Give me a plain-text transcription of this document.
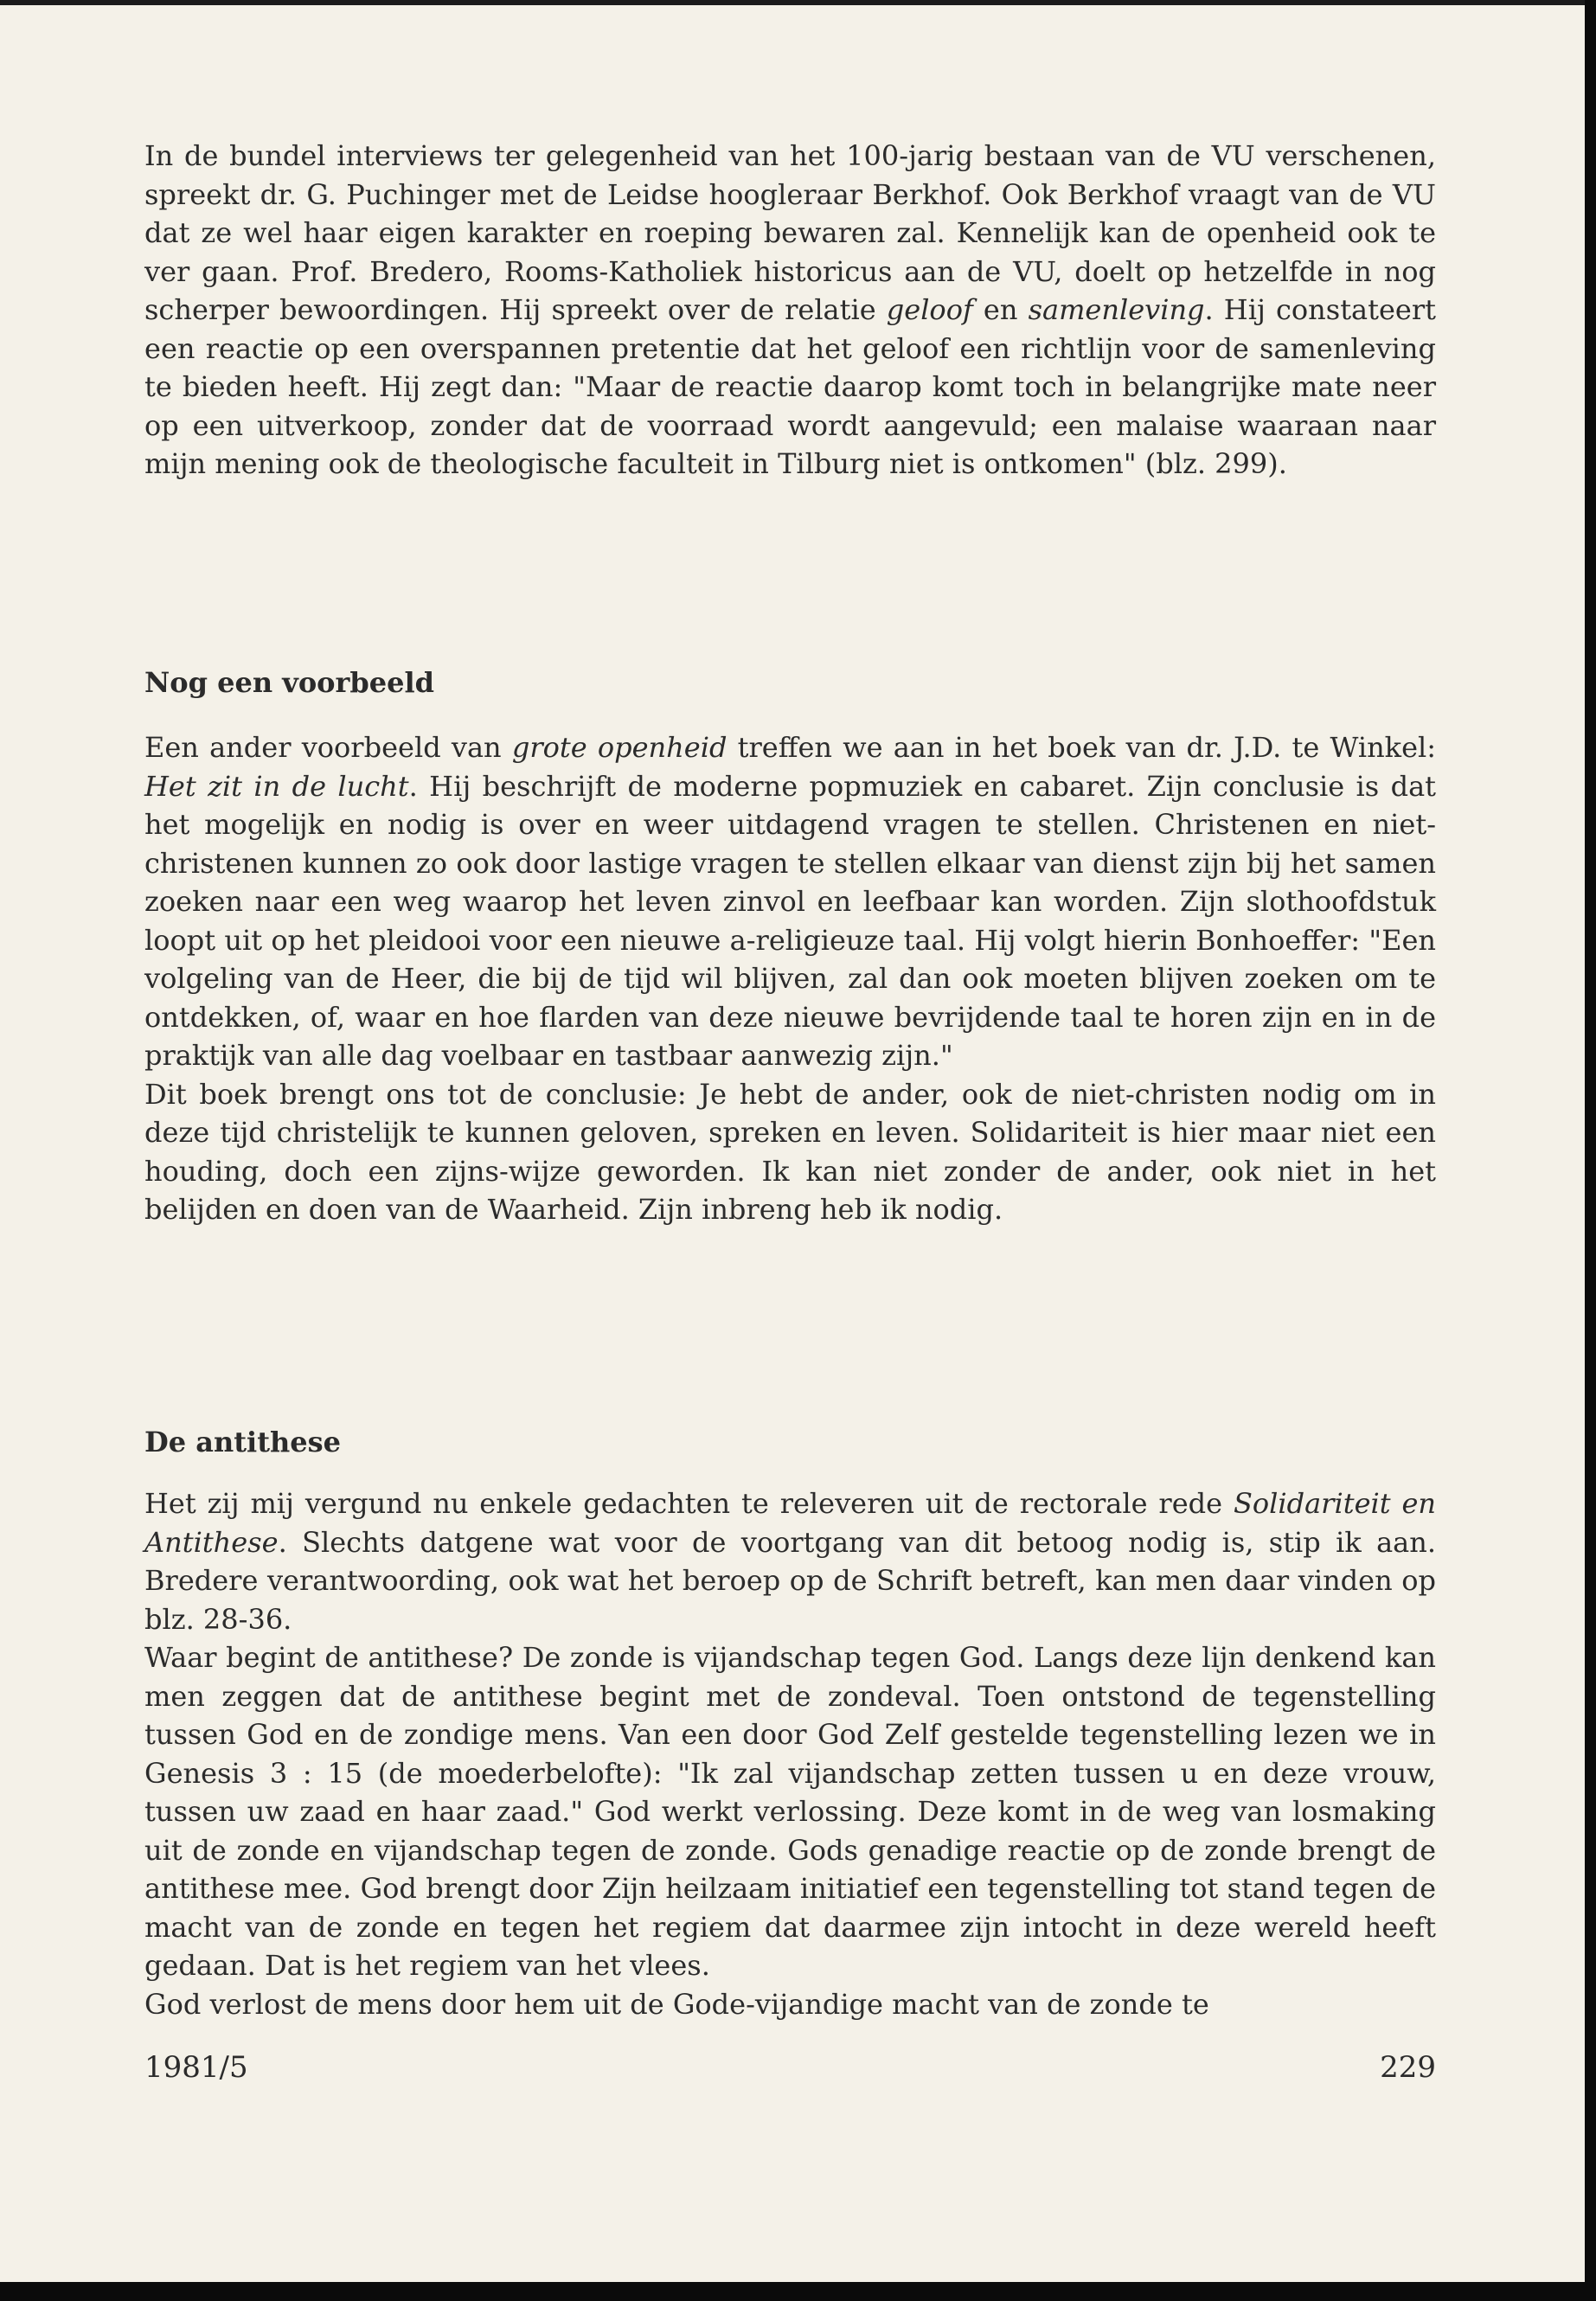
In de bundel interviews ter gelegenheid van het 100-jarig bestaan van de VU verschenen, spreekt dr. G. Puchinger met de Leidse hoogleraar Berkhof. Ook Berkhof vraagt van de VU dat ze wel haar eigen karakter en roeping bewaren zal. Kennelijk kan de openheid ook te ver gaan. Prof. Bredero, Rooms-Katholiek historicus aan de VU, doelt op hetzelfde in nog scherper bewoordingen. Hij spreekt over de relatie geloof en samenleving. Hij constateert een reactie op een overspannen pretentie dat het geloof een richtlijn voor de samenleving te bieden heeft. Hij zegt dan: "Maar de reactie daarop komt toch in belangrijke mate neer op een uitverkoop, zonder dat de voorraad wordt aangevuld; een malaise waaraan naar mijn mening ook de theologische faculteit in Tilburg niet is ontkomen" (blz. 299).

Nog een voorbeeld

Een ander voorbeeld van grote openheid treffen we aan in het boek van dr. J.D. te Winkel: Het zit in de lucht. Hij beschrijft de moderne popmuziek en cabaret. Zijn conclusie is dat het mogelijk en nodig is over en weer uitdagend vragen te stellen. Christenen en niet-christenen kunnen zo ook door lastige vragen te stellen elkaar van dienst zijn bij het samen zoeken naar een weg waarop het leven zinvol en leefbaar kan worden. Zijn slothoofdstuk loopt uit op het pleidooi voor een nieuwe a-religieuze taal. Hij volgt hierin Bonhoeffer: "Een volgeling van de Heer, die bij de tijd wil blijven, zal dan ook moeten blijven zoeken om te ontdekken, of, waar en hoe flarden van deze nieuwe bevrijdende taal te horen zijn en in de praktijk van alle dag voelbaar en tastbaar aanwezig zijn."

Dit boek brengt ons tot de conclusie: Je hebt de ander, ook de niet-christen nodig om in deze tijd christelijk te kunnen geloven, spreken en leven. Solidariteit is hier maar niet een houding, doch een zijns-wijze geworden. Ik kan niet zonder de ander, ook niet in het belijden en doen van de Waarheid. Zijn inbreng heb ik nodig.

De antithese

Het zij mij vergund nu enkele gedachten te releveren uit de rectorale rede Solidariteit en Antithese. Slechts datgene wat voor de voortgang van dit betoog nodig is, stip ik aan. Bredere verantwoording, ook wat het beroep op de Schrift betreft, kan men daar vinden op blz. 28-36.

Waar begint de antithese? De zonde is vijandschap tegen God. Langs deze lijn denkend kan men zeggen dat de antithese begint met de zondeval. Toen ontstond de tegenstelling tussen God en de zondige mens. Van een door God Zelf gestelde tegenstelling lezen we in Genesis 3 : 15 (de moederbelofte): "Ik zal vijandschap zetten tussen u en deze vrouw, tussen uw zaad en haar zaad." God werkt verlossing. Deze komt in de weg van losmaking uit de zonde en vijandschap tegen de zonde. Gods genadige reactie op de zonde brengt de antithese mee. God brengt door Zijn heilzaam initiatief een tegenstelling tot stand tegen de macht van de zonde en tegen het regiem dat daarmee zijn intocht in deze wereld heeft gedaan. Dat is het regiem van het vlees.

God verlost de mens door hem uit de Gode-vijandige macht van de zonde te

1981/5	229
